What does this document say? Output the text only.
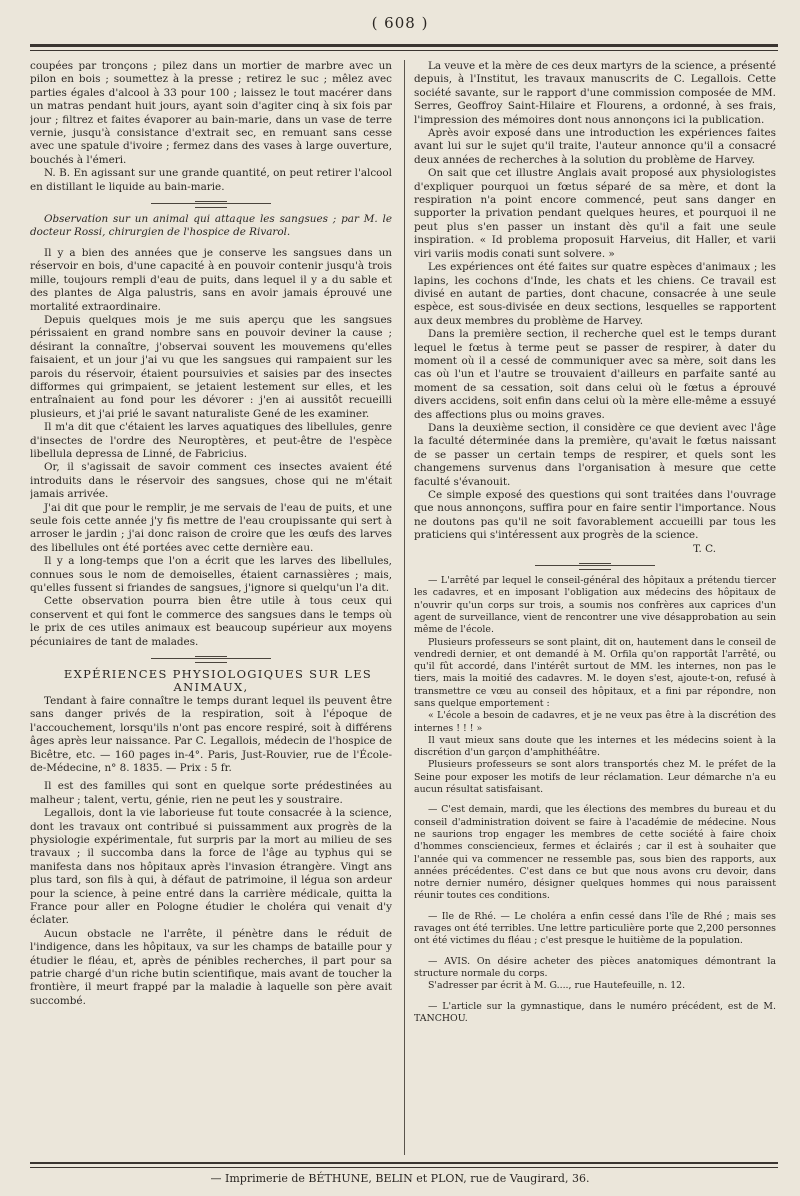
( 608 )

coupées par tronçons ; pilez dans un mortier de marbre avec un pilon en bois ; soumettez à la presse ; retirez le suc ; mêlez avec parties égales d'alcool à 33 pour 100 ; laissez le tout macérer dans un matras pendant huit jours, ayant soin d'agiter cinq à six fois par jour ; filtrez et faites évaporer au bain-marie, dans un vase de terre vernie, jusqu'à consistance d'extrait sec, en remuant sans cesse avec une spatule d'ivoire ; fermez dans des vases à large ouverture, bouchés à l'émeri.

N. B. En agissant sur une grande quantité, on peut retirer l'alcool en distillant le liquide au bain-marie.

Observation sur un animal qui attaque les sangsues ; par M. le docteur Rossi, chirurgien de l'hospice de Rivarol.

Il y a bien des années que je conserve les sangsues dans un réservoir en bois, d'une capacité à en pouvoir contenir jusqu'à trois mille, toujours rempli d'eau de puits, dans lequel il y a du sable et des plantes de Alga palustris, sans en avoir jamais éprouvé une mortalité extraordinaire.

Depuis quelques mois je me suis aperçu que les sangsues périssaient en grand nombre sans en pouvoir deviner la cause ; désirant la connaître, j'observai souvent les mouvemens qu'elles faisaient, et un jour j'ai vu que les sangsues qui rampaient sur les parois du réservoir, étaient poursuivies et saisies par des insectes difformes qui grimpaient, se jetaient lestement sur elles, et les entraînaient au fond pour les dévorer : j'en ai aussitôt recueilli plusieurs, et j'ai prié le savant naturaliste Gené de les examiner.

Il m'a dit que c'étaient les larves aquatiques des libellules, genre d'insectes de l'ordre des Neuroptères, et peut-être de l'espèce libellula depressa de Linné, de Fabricius.

Or, il s'agissait de savoir comment ces insectes avaient été introduits dans le réservoir des sangsues, chose qui ne m'était jamais arrivée.

J'ai dit que pour le remplir, je me servais de l'eau de puits, et une seule fois cette année j'y fis mettre de l'eau croupissante qui sert à arroser le jardin ; j'ai donc raison de croire que les œufs des larves des libellules ont été portées avec cette dernière eau.

Il y a long-temps que l'on a écrit que les larves des libellules, connues sous le nom de demoiselles, étaient carnassières ; mais, qu'elles fussent si friandes de sangsues, j'ignore si quelqu'un l'a dit.

Cette observation pourra bien être utile à tous ceux qui conservent et qui font le commerce des sangsues dans le temps où le prix de ces utiles animaux est beaucoup supérieur aux moyens pécuniaires de tant de malades.

EXPÉRIENCES PHYSIOLOGIQUES SUR LES ANIMAUX,

Tendant à faire connaître le temps durant lequel ils peuvent être sans danger privés de la respiration, soit à l'époque de l'accouchement, lorsqu'ils n'ont pas encore respiré, soit à différens âges après leur naissance. Par C. Legallois, médecin de l'hospice de Bicêtre, etc. — 160 pages in-4°. Paris, Just-Rouvier, rue de l'École-de-Médecine, n° 8. 1835. — Prix : 5 fr.

Il est des familles qui sont en quelque sorte prédestinées au malheur ; talent, vertu, génie, rien ne peut les y soustraire.

Legallois, dont la vie laborieuse fut toute consacrée à la science, dont les travaux ont contribué si puissamment aux progrès de la physiologie expérimentale, fut surpris par la mort au milieu de ses travaux ; il succomba dans la force de l'âge au typhus qui se manifesta dans nos hôpitaux après l'invasion étrangère. Vingt ans plus tard, son fils à qui, à défaut de patrimoine, il légua son ardeur pour la science, à peine entré dans la carrière médicale, quitta la France pour aller en Pologne étudier le choléra qui venait d'y éclater.

Aucun obstacle ne l'arrête, il pénètre dans le réduit de l'indigence, dans les hôpitaux, va sur les champs de bataille pour y étudier le fléau, et, après de pénibles recherches, il part pour sa patrie chargé d'un riche butin scientifique, mais avant de toucher la frontière, il meurt frappé par la maladie à laquelle son père avait succombé.

La veuve et la mère de ces deux martyrs de la science, a présenté depuis, à l'Institut, les travaux manuscrits de C. Legallois. Cette société savante, sur le rapport d'une commission composée de MM. Serres, Geoffroy Saint-Hilaire et Flourens, a ordonné, à ses frais, l'impression des mémoires dont nous annonçons ici la publication.

Après avoir exposé dans une introduction les expériences faites avant lui sur le sujet qu'il traite, l'auteur annonce qu'il a consacré deux années de recherches à la solution du problème de Harvey.

On sait que cet illustre Anglais avait proposé aux physiologistes d'expliquer pourquoi un fœtus séparé de sa mère, et dont la respiration n'a point encore commencé, peut sans danger en supporter la privation pendant quelques heures, et pourquoi il ne peut plus s'en passer un instant dès qu'il a fait une seule inspiration. « Id problema proposuit Harveius, dit Haller, et varii viri variis modis conati sunt solvere. »

Les expériences ont été faites sur quatre espèces d'animaux ; les lapins, les cochons d'Inde, les chats et les chiens. Ce travail est divisé en autant de parties, dont chacune, consacrée à une seule espèce, est sous-divisée en deux sections, lesquelles se rapportent aux deux membres du problème de Harvey.

Dans la première section, il recherche quel est le temps durant lequel le fœtus à terme peut se passer de respirer, à dater du moment où il a cessé de communiquer avec sa mère, soit dans les cas où l'un et l'autre se trouvaient d'ailleurs en parfaite santé au moment de sa cessation, soit dans celui où le fœtus a éprouvé divers accidens, soit enfin dans celui où la mère elle-même a essuyé des affections plus ou moins graves.

Dans la deuxième section, il considère ce que devient avec l'âge la faculté déterminée dans la première, qu'avait le fœtus naissant de se passer un certain temps de respirer, et quels sont les changemens survenus dans l'organisation à mesure que cette faculté s'évanouit.

Ce simple exposé des questions qui sont traitées dans l'ouvrage que nous annonçons, suffira pour en faire sentir l'importance. Nous ne doutons pas qu'il ne soit favorablement accueilli par tous les praticiens qui s'intéressent aux progrès de la science.

T. C.

— L'arrêté par lequel le conseil-général des hôpitaux a prétendu tiercer les cadavres, et en imposant l'obligation aux médecins des hôpitaux de n'ouvrir qu'un corps sur trois, a soumis nos confrères aux caprices d'un agent de surveillance, vient de rencontrer une vive désapprobation au sein même de l'école.

Plusieurs professeurs se sont plaint, dit on, hautement dans le conseil de vendredi dernier, et ont demandé à M. Orfila qu'on rapportât l'arrêté, ou qu'il fût accordé, dans l'intérêt surtout de MM. les internes, non pas le tiers, mais la moitié des cadavres. M. le doyen s'est, ajoute-t-on, refusé à transmettre ce vœu au conseil des hôpitaux, et a fini par répondre, non sans quelque emportement :

« L'école a besoin de cadavres, et je ne veux pas être à la discrétion des internes ! ! ! »

Il vaut mieux sans doute que les internes et les médecins soient à la discrétion d'un garçon d'amphithéâtre.

Plusieurs professeurs se sont alors transportés chez M. le préfet de la Seine pour exposer les motifs de leur réclamation. Leur démarche n'a eu aucun résultat satisfaisant.

— C'est demain, mardi, que les élections des membres du bureau et du conseil d'administration doivent se faire à l'académie de médecine. Nous ne saurions trop engager les membres de cette société à faire choix d'hommes consciencieux, fermes et éclairés ; car il est à souhaiter que l'année qui va commencer ne ressemble pas, sous bien des rapports, aux années précédentes. C'est dans ce but que nous avons cru devoir, dans notre dernier numéro, désigner quelques hommes qui nous paraissent réunir toutes ces conditions.

— Ile de Rhé. — Le choléra a enfin cessé dans l'île de Rhé ; mais ses ravages ont été terribles. Une lettre particulière porte que 2,200 personnes ont été victimes du fléau ; c'est presque le huitième de la population.

— AVIS. On désire acheter des pièces anatomiques démontrant la structure normale du corps.

S'adresser par écrit à M. G...., rue Hautefeuille, n. 12.

— L'article sur la gymnastique, dans le numéro précédent, est de M. TANCHOU.

— Imprimerie de BÉTHUNE, BELIN et PLON, rue de Vaugirard, 36.
